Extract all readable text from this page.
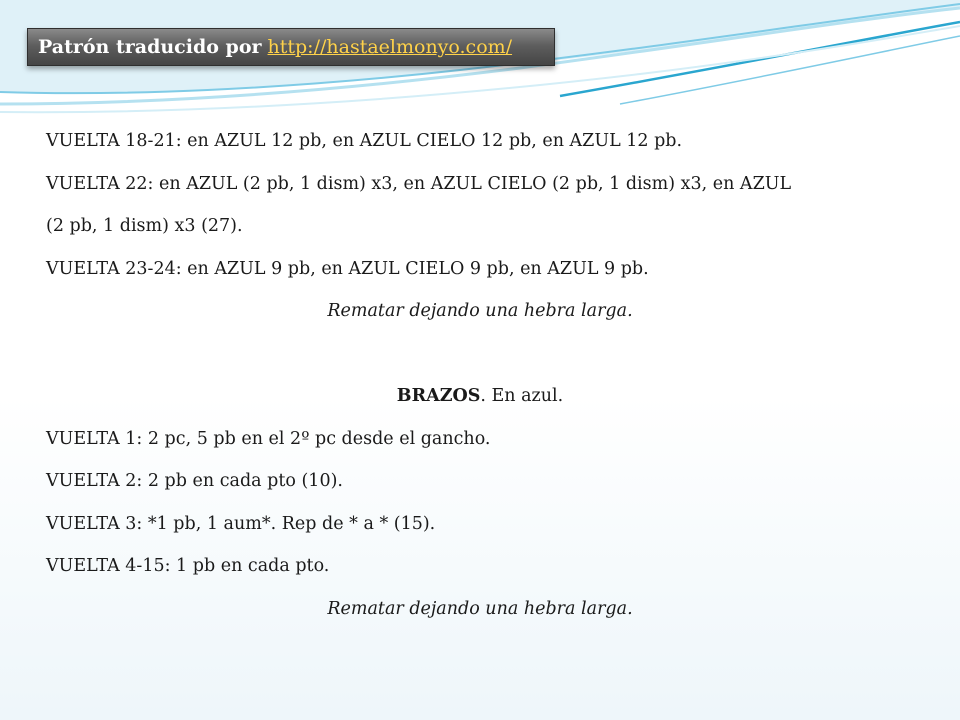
Patrón traducido por http://hastaelmonyo.com/
VUELTA 18-21: en AZUL 12 pb, en AZUL CIELO 12 pb, en AZUL 12 pb.
VUELTA 22: en AZUL (2 pb, 1 dism) x3, en AZUL CIELO (2 pb, 1 dism) x3, en AZUL
(2 pb, 1 dism) x3 (27).
VUELTA 23-24: en AZUL 9 pb, en AZUL CIELO 9 pb, en AZUL 9 pb.
Rematar dejando una hebra larga.
BRAZOS. En azul.
VUELTA 1: 2 pc, 5 pb en el 2º pc desde el gancho.
VUELTA 2: 2 pb en cada pto (10).
VUELTA 3: *1 pb, 1 aum*. Rep de * a * (15).
VUELTA 4-15: 1 pb en cada pto.
Rematar dejando una hebra larga.
